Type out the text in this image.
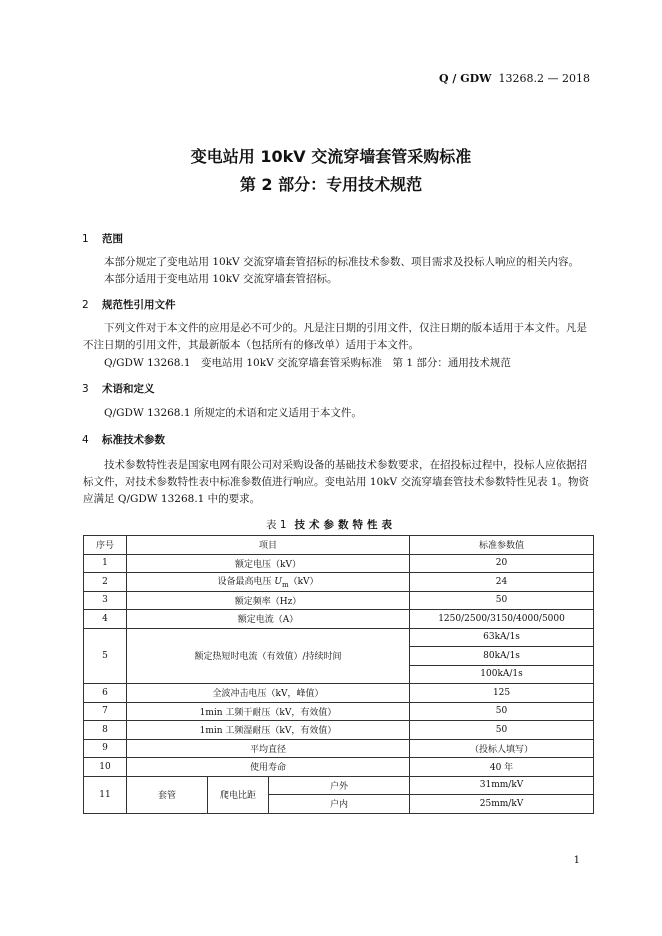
Q / GDW 13268.2 — 2018
变电站用 10kV 交流穿墙套管采购标准
第 2 部分：专用技术规范
1 范围
本部分规定了变电站用 10kV 交流穿墙套管招标的标准技术参数、项目需求及投标人响应的相关内容。
本部分适用于变电站用 10kV 交流穿墙套管招标。
2 规范性引用文件
下列文件对于本文件的应用是必不可少的。凡是注日期的引用文件，仅注日期的版本适用于本文件。凡是不注日期的引用文件，其最新版本（包括所有的修改单）适用于本文件。
Q/GDW 13268.1　变电站用 10kV 交流穿墙套管采购标准　第 1 部分：通用技术规范
3 术语和定义
Q/GDW 13268.1 所规定的术语和定义适用于本文件。
4 标准技术参数
技术参数特性表是国家电网有限公司对采购设备的基础技术参数要求，在招投标过程中，投标人应依据招标文件，对技术参数特性表中标准参数值进行响应。变电站用 10kV 交流穿墙套管技术参数特性见表 1。物资应满足 Q/GDW 13268.1 中的要求。
表 1 技术参数特性表
序号	项目			标准参数值
1	额定电压（kV）			20
2	设备最高电压 $U_m(kV)$			24
3	额定频率（Hz）			50
4	额定电流（A）			1250/2500/3150/4000/5000
5	额定热短时电流（有效值）/持续时间			63kA/1s
				80kA/1s
				100kA/1s
6	全波冲击电压（kV，峰值）			125
7	1min 工频干耐压（kV，有效值）			50
8	1min 工频湿耐压（kV，有效值）			50
9	平均直径			（投标人填写）
10	使用寿命			40 年
11	套管	爬电比距	户外	31mm/kV
			户内	25mm/kV
1
